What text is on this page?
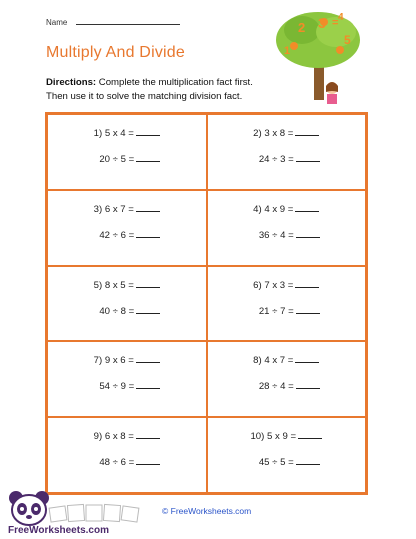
Name
Multiply And Divide
Directions: Complete the multiplication fact first.
Then use it to solve the matching division fact.
2 3 =
5
1
4
1) 5 x 4 =
20 ÷ 5 =
2) 3 x 8 =
24 ÷ 3 =
3) 6 x 7 =
42 ÷ 6 =
4) 4 x 9 =
36 ÷ 4 =
5) 8 x 5 =
40 ÷ 8 =
6) 7 x 3 =
21 ÷ 7 =
7) 9 x 6 =
54 ÷ 9 =
8) 4 x 7 =
28 ÷ 4 =
9) 6 x 8 =
48 ÷ 6 =
10) 5 x 9 =
45 ÷ 5 =
FreeWorksheets.com
© FreeWorksheets.com
